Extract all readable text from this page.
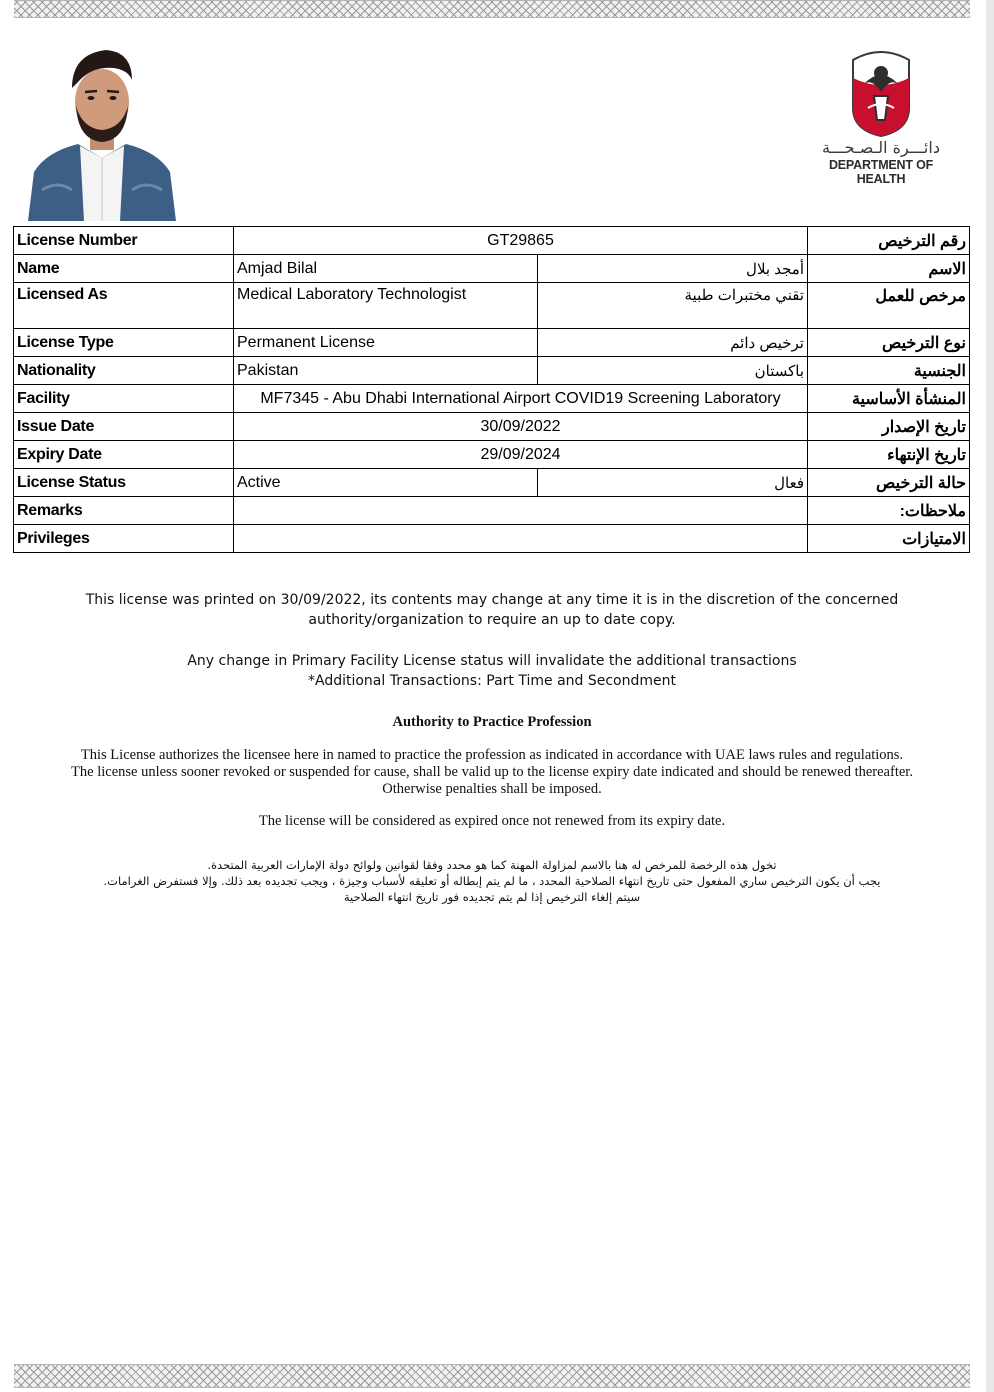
دائـــرة الـصـحـــة
DEPARTMENT OF HEALTH
License Number	GT29865		رقم الترخيص
Name	Amjad Bilal	أمجد بلال	الاسم
Licensed As	Medical Laboratory Technologist	تقني مختبرات طبية	مرخص للعمل
License Type	Permanent License	ترخيص دائم	نوع الترخيص
Nationality	Pakistan	باكستان	الجنسية
Facility	MF7345 - Abu Dhabi International Airport COVID19 Screening Laboratory		المنشأة الأساسية
Issue Date	30/09/2022		تاريخ الإصدار
Expiry Date	29/09/2024		تاريخ الإنتهاء
License Status	Active	فعال	حالة الترخيص
Remarks			ملاحظات:
Privileges			الامتيازات
This license was printed on 30/09/2022, its contents may change at any time it is in the discretion of the concerned
authority/organization to require an up to date copy.
Any change in Primary Facility License status will invalidate the additional transactions
*Additional Transactions: Part Time and Secondment
Authority to Practice Profession
This License authorizes the licensee here in named to practice the profession as indicated in accordance with UAE laws rules and regulations.
The license unless sooner revoked or suspended for cause, shall be valid up to the license expiry date indicated and should be renewed thereafter.
Otherwise penalties shall be imposed.
The license will be considered as expired once not renewed from its expiry date.
تخول هذه الرخصة للمرخص له هنا بالاسم لمزاولة المهنة كما هو محدد وفقا لقوانين ولوائح دولة الإمارات العربية المتحدة.
يجب أن يكون الترخيص ساري المفعول حتى تاريخ انتهاء الصلاحية المحدد ، ما لم يتم إبطاله أو تعليقه لأسباب وجيزة ، ويجب تجديده بعد ذلك. وإلا فستفرض الغرامات.
سيتم إلغاء الترخيص إذا لم يتم تجديده فور تاريخ انتهاء الصلاحية
